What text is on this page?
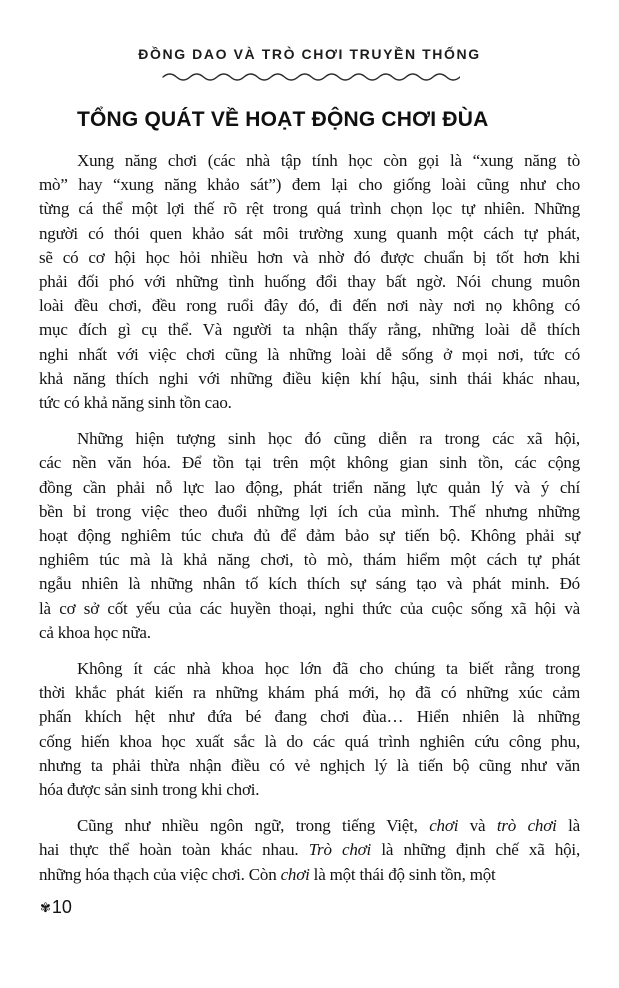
ĐỒNG DAO VÀ TRÒ CHƠI TRUYỀN THỐNG
TỔNG QUÁT VỀ HOẠT ĐỘNG CHƠI ĐÙA

Xung năng chơi (các nhà tập tính học còn gọi là “xung năng tò
mò” hay “xung năng khảo sát”) đem lại cho giống loài cũng như cho
từng cá thể một lợi thế rõ rệt trong quá trình chọn lọc tự nhiên. Những
người có thói quen khảo sát môi trường xung quanh một cách tự phát,
sẽ có cơ hội học hỏi nhiều hơn và nhờ đó được chuẩn bị tốt hơn khi
phải đối phó với những tình huống đổi thay bất ngờ. Nói chung muôn
loài đều chơi, đều rong ruổi đây đó, đi đến nơi này nơi nọ không có
mục đích gì cụ thể. Và người ta nhận thấy rằng, những loài dễ thích
nghi nhất với việc chơi cũng là những loài dễ sống ở mọi nơi, tức có
khả năng thích nghi với những điều kiện khí hậu, sinh thái khác nhau,
tức có khả năng sinh tồn cao.

Những hiện tượng sinh học đó cũng diễn ra trong các xã hội,
các nền văn hóa. Để tồn tại trên một không gian sinh tồn, các cộng
đồng cần phải nỗ lực lao động, phát triển năng lực quản lý và ý chí
bền bỉ trong việc theo đuổi những lợi ích của mình. Thế nhưng những
hoạt động nghiêm túc chưa đủ để đảm bảo sự tiến bộ. Không phải sự
nghiêm túc mà là khả năng chơi, tò mò, thám hiểm một cách tự phát
ngẫu nhiên là những nhân tố kích thích sự sáng tạo và phát minh. Đó
là cơ sở cốt yếu của các huyền thoại, nghi thức của cuộc sống xã hội và
cả khoa học nữa.

Không ít các nhà khoa học lớn đã cho chúng ta biết rằng trong
thời khắc phát kiến ra những khám phá mới, họ đã có những xúc cảm
phấn khích hệt như đứa bé đang chơi đùa… Hiển nhiên là những
cống hiến khoa học xuất sắc là do các quá trình nghiên cứu công phu,
nhưng ta phải thừa nhận điều có vẻ nghịch lý là tiến bộ cũng như văn
hóa được sản sinh trong khi chơi.

Cũng như nhiều ngôn ngữ, trong tiếng Việt, chơi và trò chơi là
hai thực thể hoàn toàn khác nhau. Trò chơi là những định chế xã hội,
những hóa thạch của việc chơi. Còn chơi là một thái độ sinh tồn, một

✾ 10
